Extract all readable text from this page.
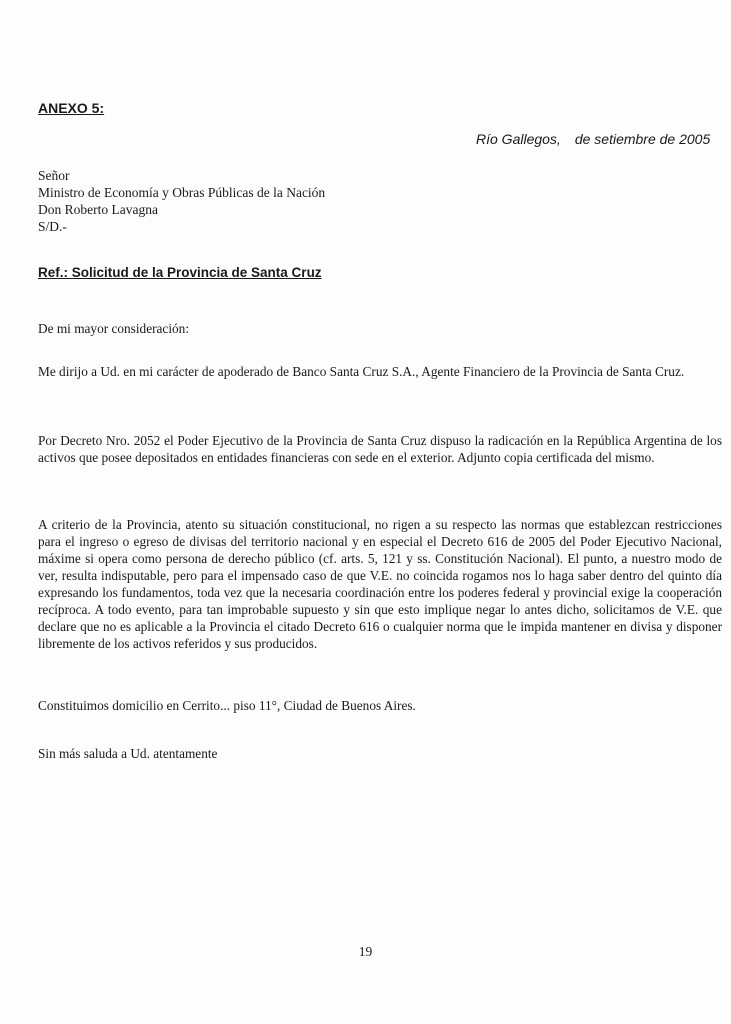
ANEXO 5:
Río Gallegos, de setiembre de 2005
Señor
Ministro de Economía y Obras Públicas de la Nación
Don Roberto Lavagna
S/D.-
Ref.: Solicitud de la Provincia de Santa Cruz
De mi mayor consideración:
Me dirijo a Ud. en mi carácter de apoderado de Banco Santa Cruz S.A., Agente Financiero de la Provincia de Santa Cruz.
Por Decreto Nro. 2052 el Poder Ejecutivo de la Provincia de Santa Cruz dispuso la radicación en la República Argentina de los activos que posee depositados en entidades financieras con sede en el exterior. Adjunto copia certificada del mismo.
A criterio de la Provincia, atento su situación constitucional, no rigen a su respecto las normas que establezcan restricciones para el ingreso o egreso de divisas del territorio nacional y en especial el Decreto 616 de 2005 del Poder Ejecutivo Nacional, máxime si opera como persona de derecho público (cf. arts. 5, 121 y ss. Constitución Nacional). El punto, a nuestro modo de ver, resulta indisputable, pero para el impensado caso de que V.E. no coincida rogamos nos lo haga saber dentro del quinto día expresando los fundamentos, toda vez que la necesaria coordinación entre los poderes federal y provincial exige la cooperación recíproca. A todo evento, para tan improbable supuesto y sin que esto implique negar lo antes dicho, solicitamos de V.E. que declare que no es aplicable a la Provincia el citado Decreto 616 o cualquier norma que le impida mantener en divisa y disponer libremente de los activos referidos y sus producidos.
Constituimos domicilio en Cerrito... piso 11°, Ciudad de Buenos Aires.
Sin más saluda a Ud. atentamente
19
